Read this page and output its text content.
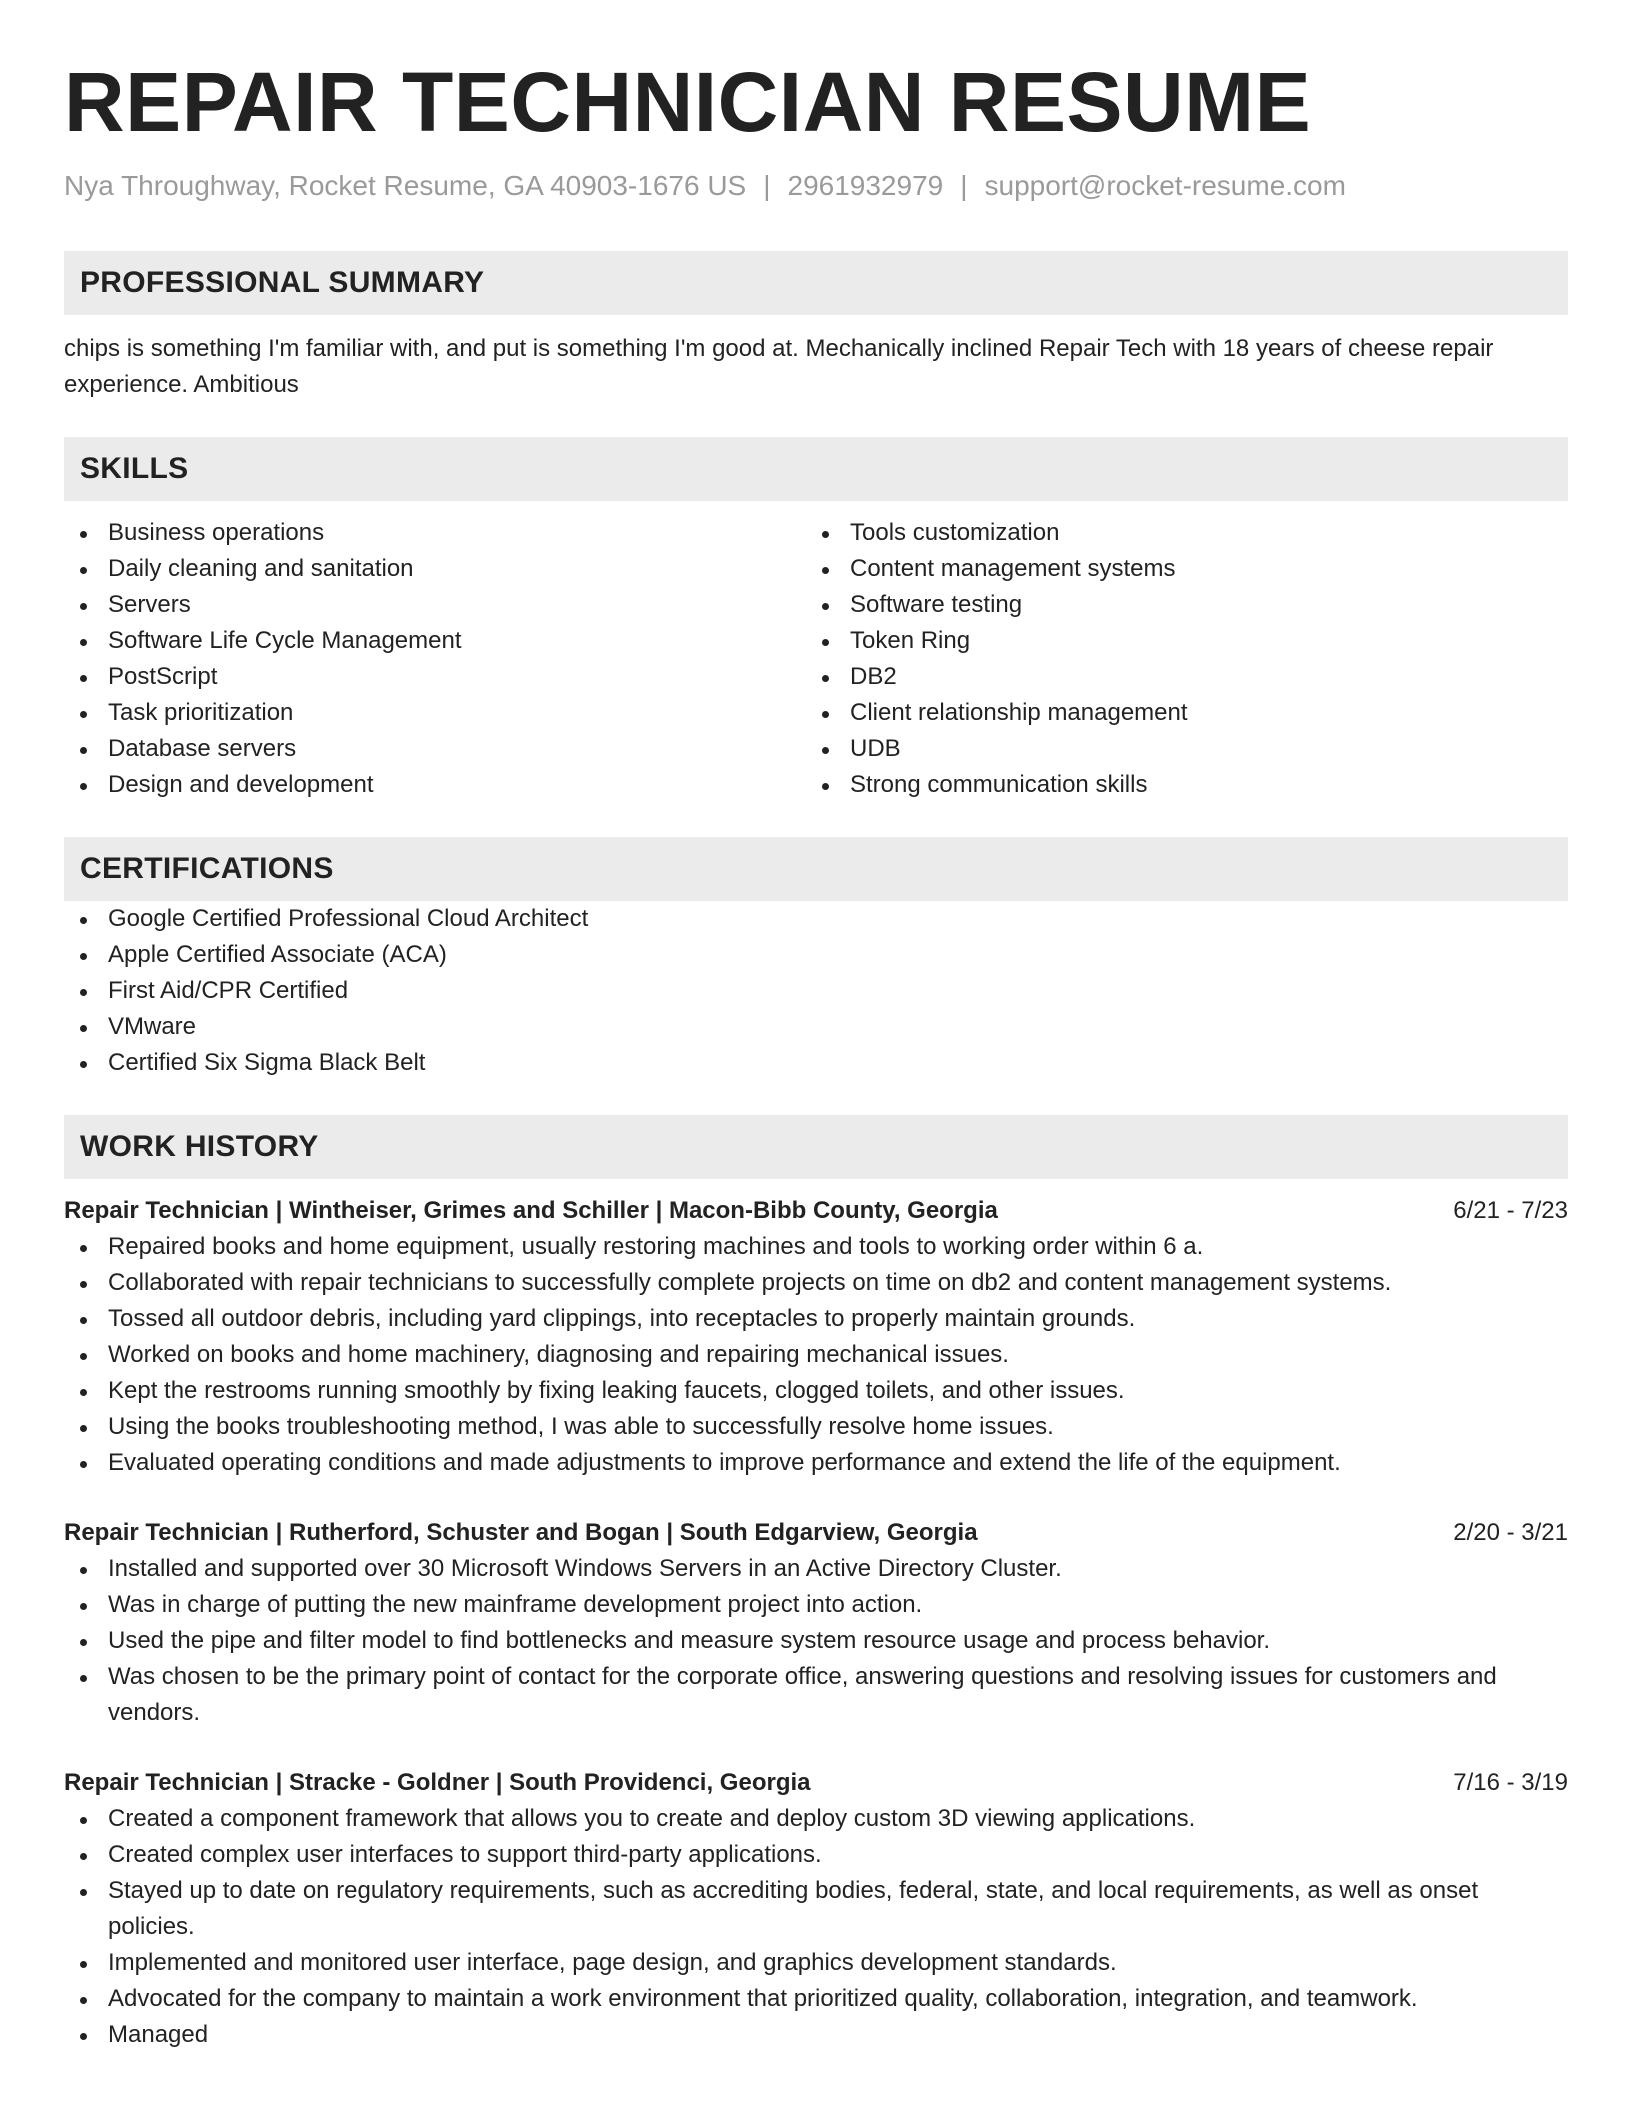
REPAIR TECHNICIAN RESUME
Nya Throughway, Rocket Resume, GA 40903-1676 US | 2961932979 | support@rocket-resume.com
PROFESSIONAL SUMMARY
chips is something I'm familiar with, and put is something I'm good at. Mechanically inclined Repair Tech with 18 years of cheese repair experience. Ambitious
SKILLS
Business operations
Daily cleaning and sanitation
Servers
Software Life Cycle Management
PostScript
Task prioritization
Database servers
Design and development
Tools customization
Content management systems
Software testing
Token Ring
DB2
Client relationship management
UDB
Strong communication skills
CERTIFICATIONS
Google Certified Professional Cloud Architect
Apple Certified Associate (ACA)
First Aid/CPR Certified
VMware
Certified Six Sigma Black Belt
WORK HISTORY
Repair Technician | Wintheiser, Grimes and Schiller | Macon-Bibb County, Georgia	6/21 - 7/23
Repaired books and home equipment, usually restoring machines and tools to working order within 6 a.
Collaborated with repair technicians to successfully complete projects on time on db2 and content management systems.
Tossed all outdoor debris, including yard clippings, into receptacles to properly maintain grounds.
Worked on books and home machinery, diagnosing and repairing mechanical issues.
Kept the restrooms running smoothly by fixing leaking faucets, clogged toilets, and other issues.
Using the books troubleshooting method, I was able to successfully resolve home issues.
Evaluated operating conditions and made adjustments to improve performance and extend the life of the equipment.
Repair Technician | Rutherford, Schuster and Bogan | South Edgarview, Georgia	2/20 - 3/21
Installed and supported over 30 Microsoft Windows Servers in an Active Directory Cluster.
Was in charge of putting the new mainframe development project into action.
Used the pipe and filter model to find bottlenecks and measure system resource usage and process behavior.
Was chosen to be the primary point of contact for the corporate office, answering questions and resolving issues for customers and vendors.
Repair Technician | Stracke - Goldner | South Providenci, Georgia	7/16 - 3/19
Created a component framework that allows you to create and deploy custom 3D viewing applications.
Created complex user interfaces to support third-party applications.
Stayed up to date on regulatory requirements, such as accrediting bodies, federal, state, and local requirements, as well as onset policies.
Implemented and monitored user interface, page design, and graphics development standards.
Advocated for the company to maintain a work environment that prioritized quality, collaboration, integration, and teamwork.
Managed
